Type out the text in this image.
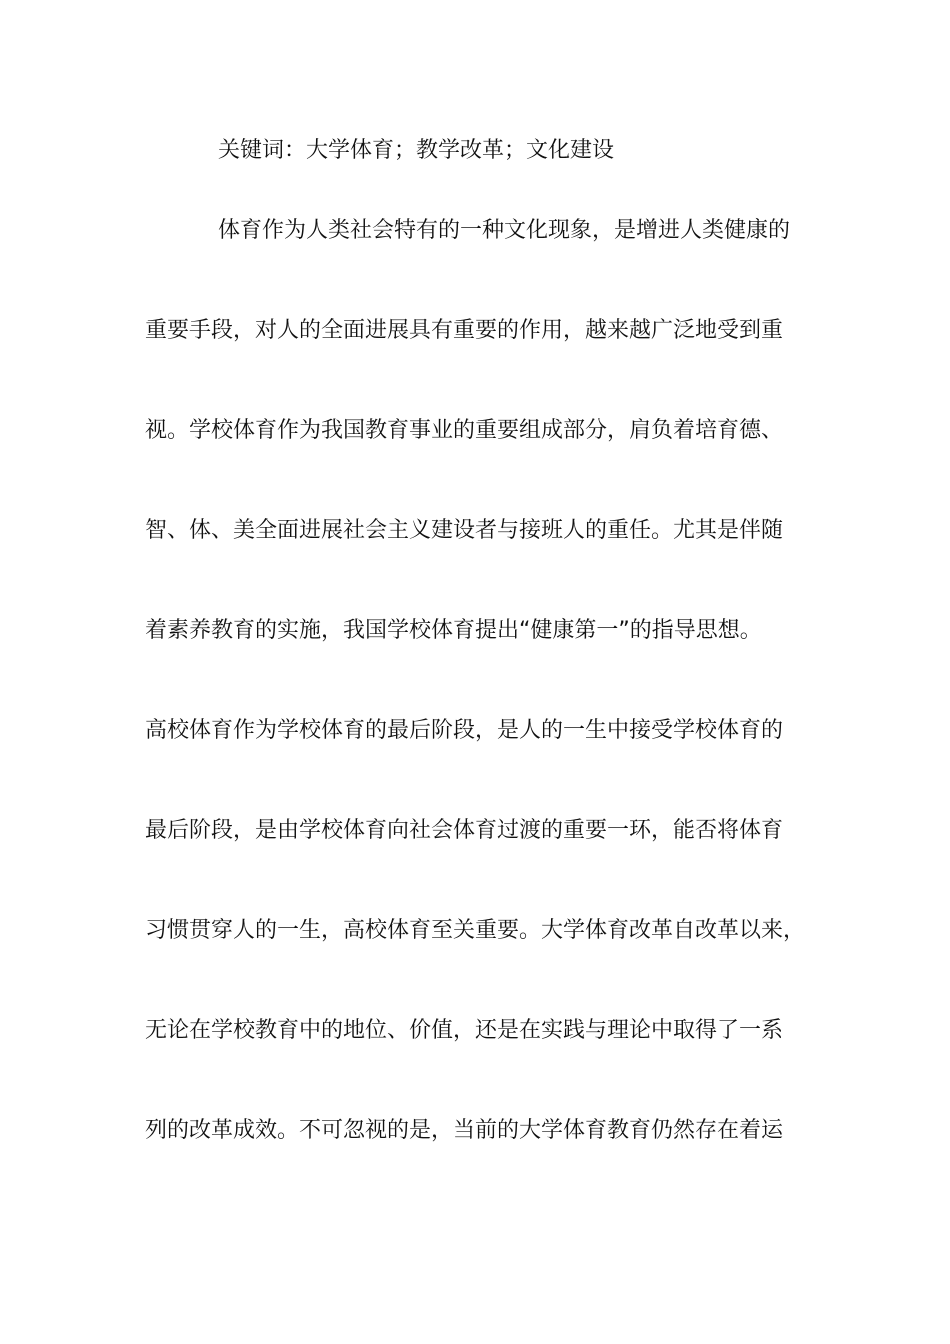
关键词：大学体育；教学改革；文化建设
体育作为人类社会特有的一种文化现象，是增进人类健康的
重要手段，对人的全面进展具有重要的作用，越来越广泛地受到重
视。学校体育作为我国教育事业的重要组成部分，肩负着培育德、
智、体、美全面进展社会主义建设者与接班人的重任。尤其是伴随
着素养教育的实施，我国学校体育提出“健康第一”的指导思想。
高校体育作为学校体育的最后阶段，是人的一生中接受学校体育的
最后阶段，是由学校体育向社会体育过渡的重要一环，能否将体育
习惯贯穿人的一生，高校体育至关重要。大学体育改革自改革以来，
无论在学校教育中的地位、价值，还是在实践与理论中取得了一系
列的改革成效。不可忽视的是，当前的大学体育教育仍然存在着运
